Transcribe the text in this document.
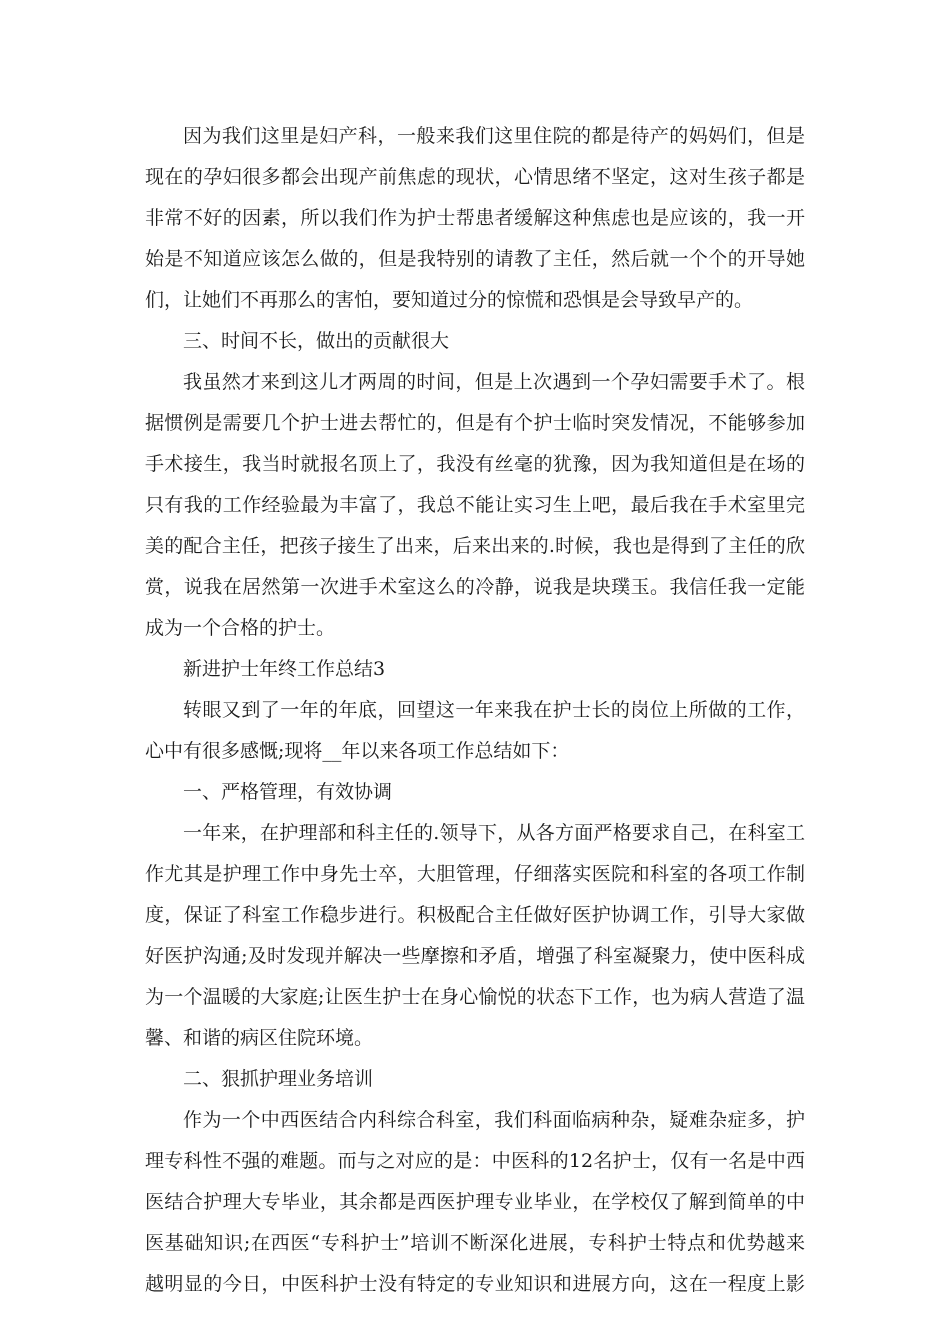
因为我们这里是妇产科，一般来我们这里住院的都是待产的妈妈们，但是
现在的孕妇很多都会出现产前焦虑的现状，心情思绪不坚定，这对生孩子都是
非常不好的因素，所以我们作为护士帮患者缓解这种焦虑也是应该的，我一开
始是不知道应该怎么做的，但是我特别的请教了主任，然后就一个个的开导她
们，让她们不再那么的害怕，要知道过分的惊慌和恐惧是会导致早产的。
三、时间不长，做出的贡献很大
我虽然才来到这儿才两周的时间，但是上次遇到一个孕妇需要手术了。根
据惯例是需要几个护士进去帮忙的，但是有个护士临时突发情况，不能够参加
手术接生，我当时就报名顶上了，我没有丝毫的犹豫，因为我知道但是在场的
只有我的工作经验最为丰富了，我总不能让实习生上吧，最后我在手术室里完
美的配合主任，把孩子接生了出来，后来出来的.时候，我也是得到了主任的欣
赏，说我在居然第一次进手术室这么的冷静，说我是块璞玉。我信任我一定能
成为一个合格的护士。
新进护士年终工作总结3
转眼又到了一年的年底，回望这一年来我在护士长的岗位上所做的工作，
心中有很多感慨;现将__年以来各项工作总结如下：
一、严格管理，有效协调
一年来，在护理部和科主任的.领导下，从各方面严格要求自己，在科室工
作尤其是护理工作中身先士卒，大胆管理，仔细落实医院和科室的各项工作制
度，保证了科室工作稳步进行。积极配合主任做好医护协调工作，引导大家做
好医护沟通;及时发现并解决一些摩擦和矛盾，增强了科室凝聚力，使中医科成
为一个温暖的大家庭;让医生护士在身心愉悦的状态下工作，也为病人营造了温
馨、和谐的病区住院环境。
二、狠抓护理业务培训
作为一个中西医结合内科综合科室，我们科面临病种杂，疑难杂症多，护
理专科性不强的难题。而与之对应的是：中医科的12名护士，仅有一名是中西
医结合护理大专毕业，其余都是西医护理专业毕业，在学校仅了解到简单的中
医基础知识;在西医“专科护士”培训不断深化进展，专科护士特点和优势越来
越明显的今日，中医科护士没有特定的专业知识和进展方向，这在一程度上影
